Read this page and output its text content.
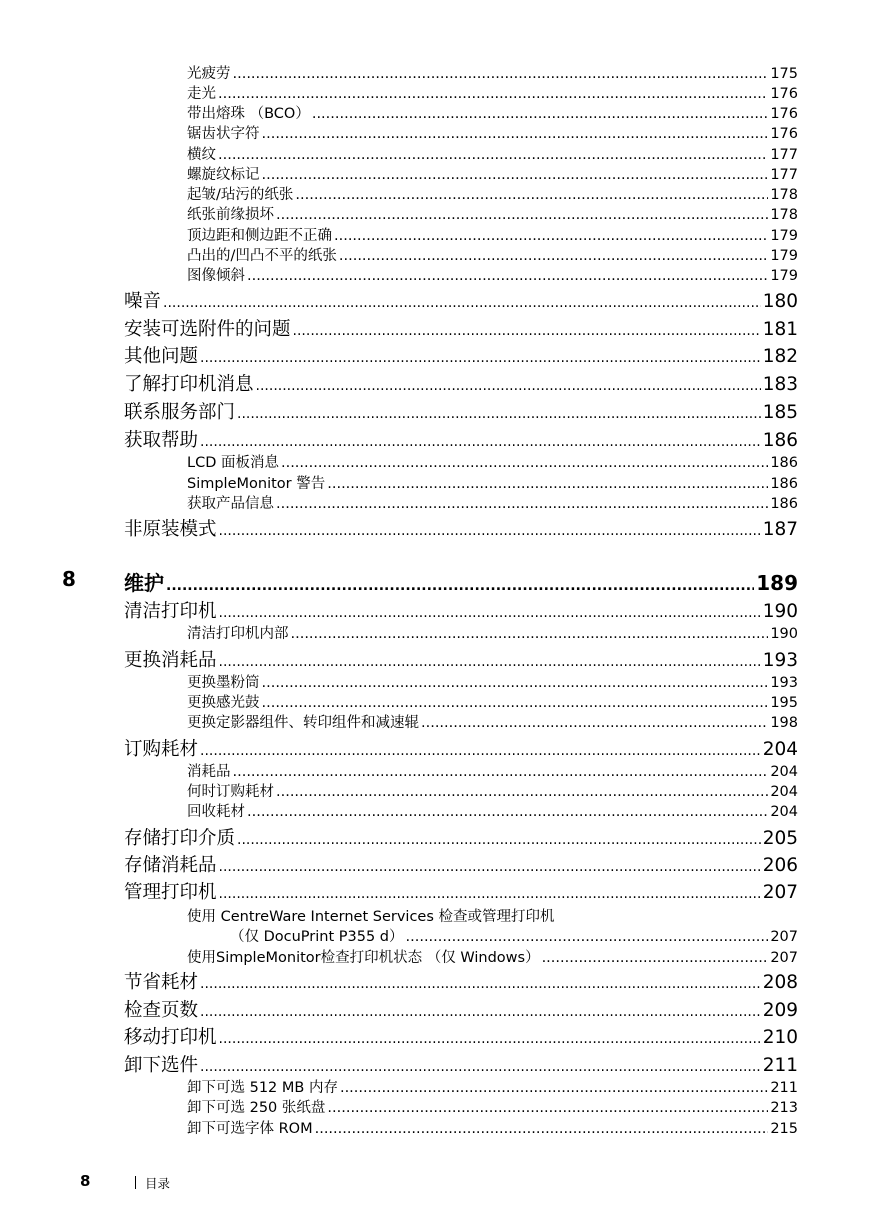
光疲劳 .....	175
走光 .....	176
带出熔珠 （BCO） .....	176
锯齿状字符 .....	176
横纹 .....	177
螺旋纹标记 .....	177
起皱/玷污的纸张 .....	178
纸张前缘损坏 .....	178
顶边距和侧边距不正确 .....	179
凸出的/凹凸不平的纸张 .....	179
图像倾斜 .....	179
噪音 .....	180
安装可选附件的问题 .....	181
其他问题 .....	182
了解打印机消息 .....	183
联系服务部门 .....	185
获取帮助 .....	186
LCD 面板消息 .....	186
SimpleMonitor 警告 .....	186
获取产品信息 .....	186
非原装模式 .....	187
维护 .....	189
8
清洁打印机 .....	190
清洁打印机内部 .....	190
更换消耗品 .....	193
更换墨粉筒 .....	193
更换感光鼓 .....	195
更换定影器组件、转印组件和减速辊 .....	198
订购耗材 .....	204
消耗品 .....	204
何时订购耗材 .....	204
回收耗材 .....	204
存储打印介质 .....	205
存储消耗品 .....	206
管理打印机 .....	207
使用 CentreWare Internet Services 检查或管理打印机
（仅 DocuPrint P355 d） .....	207
使用SimpleMonitor检查打印机状态 （仅 Windows） .....	207
节省耗材 .....	208
检查页数 .....	209
移动打印机 .....	210
卸下选件 .....	211
卸下可选 512 MB 内存 .....	211
卸下可选 250 张纸盘 .....	213
卸下可选字体 ROM .....	215
8	目录
